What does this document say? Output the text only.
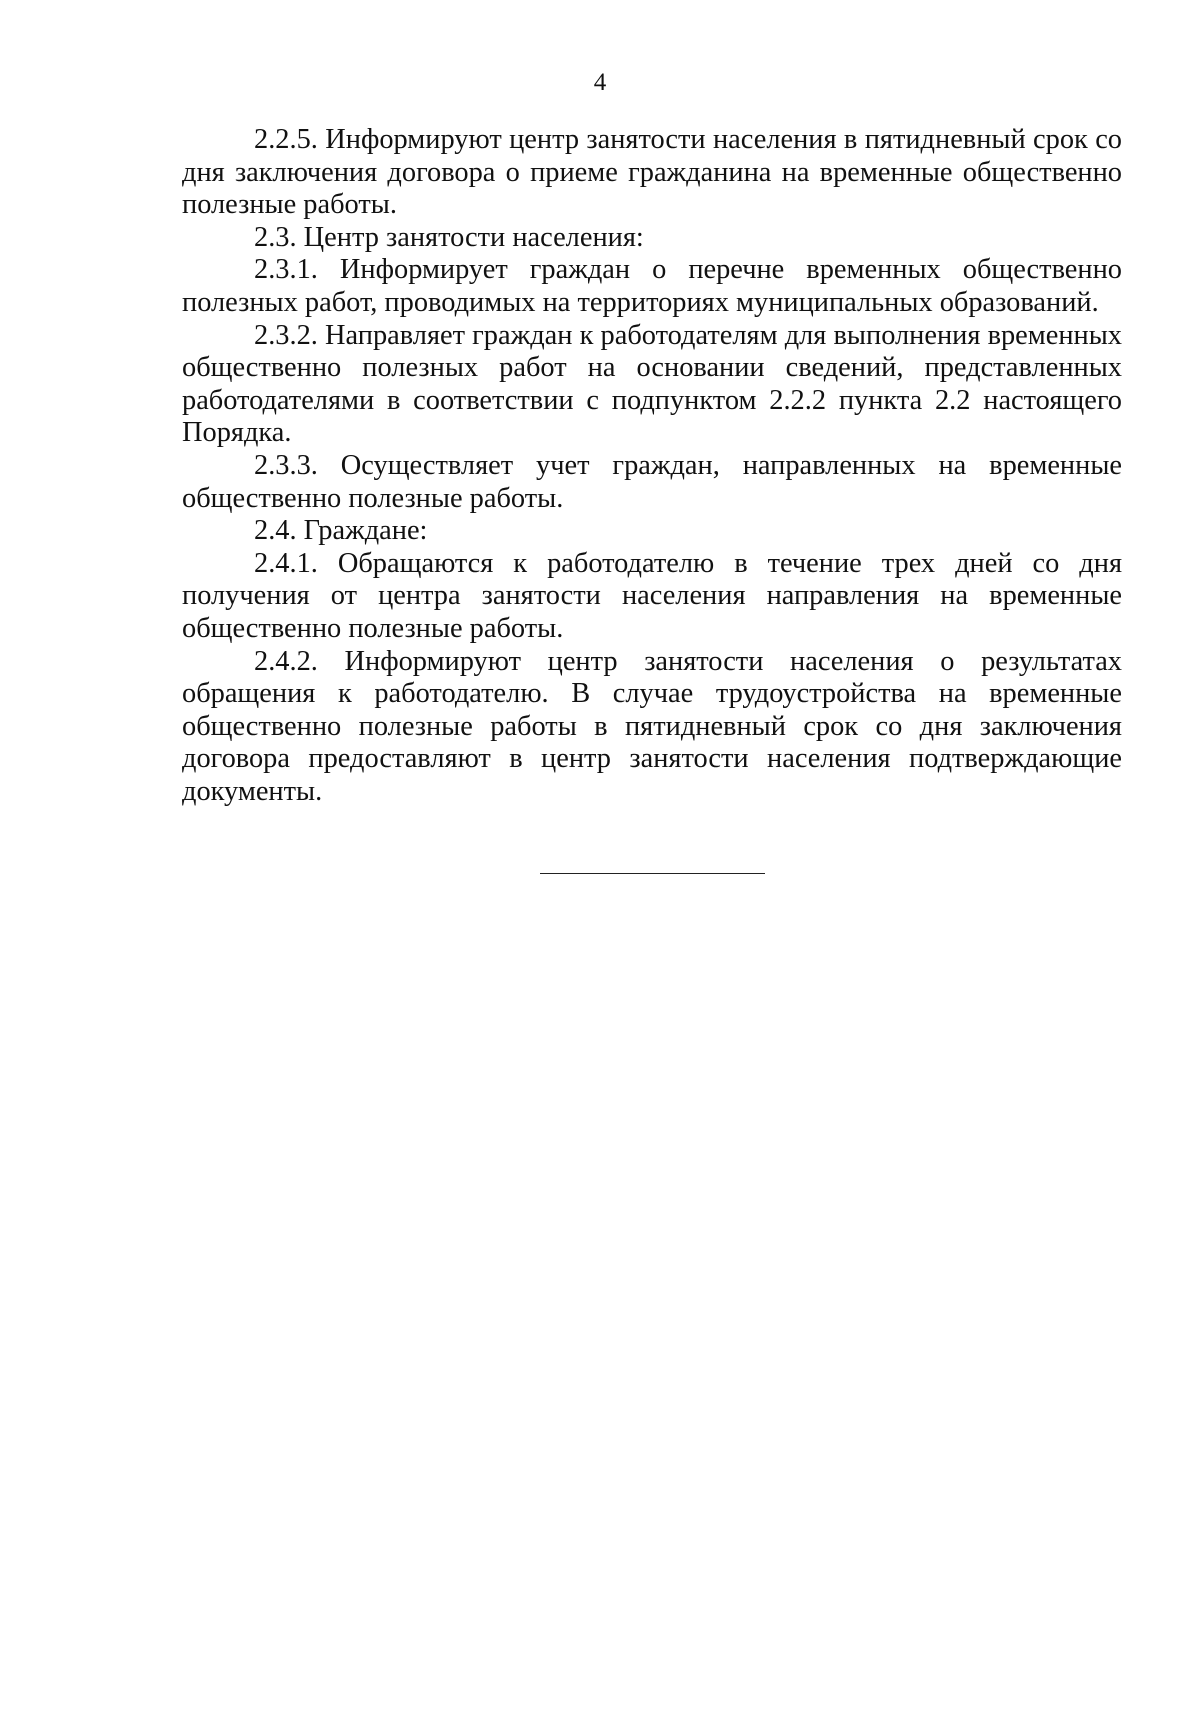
4

2.2.5. Информируют центр занятости населения в пятидневный срок со дня заключения договора о приеме гражданина на временные общественно полезные работы.

2.3. Центр занятости населения:

2.3.1. Информирует граждан о перечне временных общественно полезных работ, проводимых на территориях муниципальных образований.

2.3.2. Направляет граждан к работодателям для выполнения временных общественно полезных работ на основании сведений, представленных работодателями в соответствии с подпунктом 2.2.2 пункта 2.2 настоящего Порядка.

2.3.3. Осуществляет учет граждан, направленных на временные общественно полезные работы.

2.4. Граждане:

2.4.1. Обращаются к работодателю в течение трех дней со дня получения от центра занятости населения направления на временные общественно полезные работы.

2.4.2. Информируют центр занятости населения о результатах обращения к работодателю. В случае трудоустройства на временные общественно полезные работы в пятидневный срок со дня заключения договора предоставляют в центр занятости населения подтверждающие документы.
